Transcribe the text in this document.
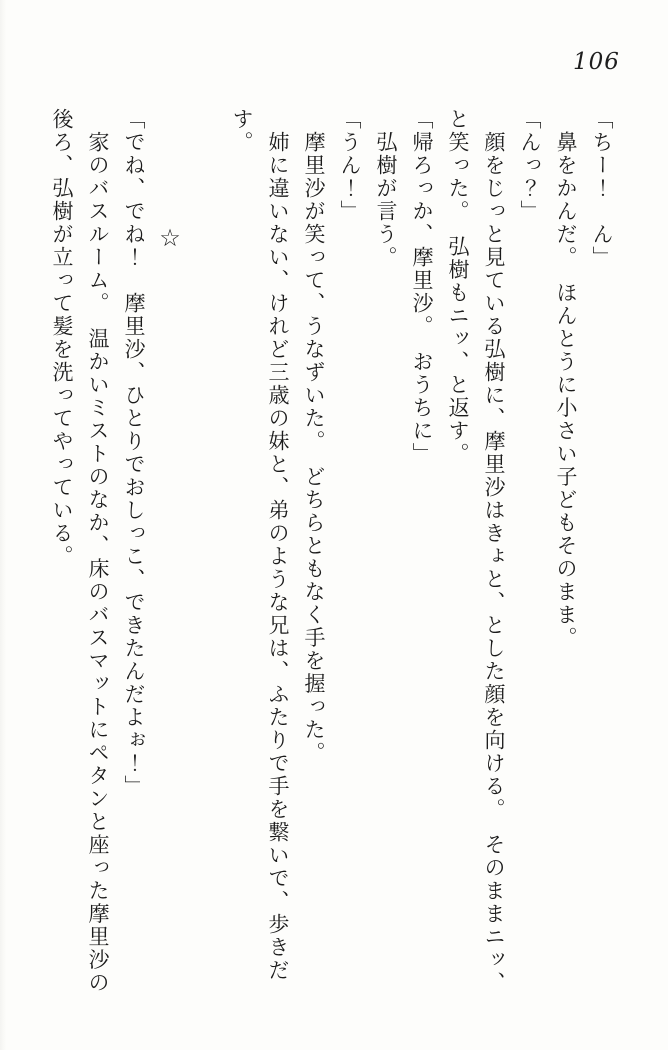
106

「ちー！　ん」

鼻をかんだ。　ほんとうに小さい子どもそのまま。

「んっ？」

顔をじっと見ている弘樹に、摩里沙はきょと、とした顔を向ける。　そのままニッ、と笑った。　弘樹もニッ、と返す。

「帰ろっか、摩里沙。　おうちに」

弘樹が言う。

「うん！」

摩里沙が笑って、うなずいた。　どちらともなく手を握った。

姉に違いない、けれど三歳の妹と、弟のような兄は、ふたりで手を繋いで、歩きだす。

☆

「でね、でね！　摩里沙、ひとりでおしっこ、できたんだよぉ！」

家のバスルーム。　温かいミストのなか、床のバスマットにペタンと座った摩里沙の後ろ、弘樹が立って髪を洗ってやっている。
